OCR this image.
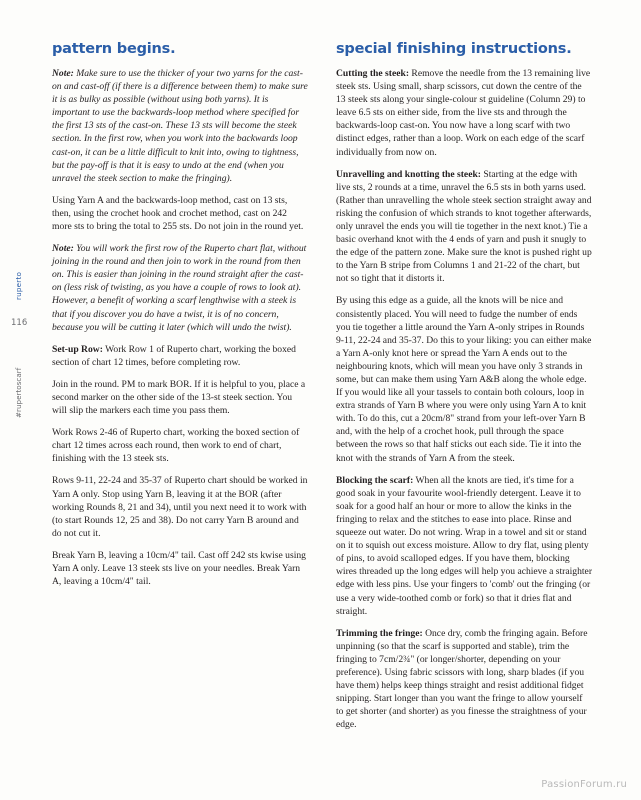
ruperto
116
#rupertoscarf
pattern begins.

Note: Make sure to use the thicker of your two yarns for the cast-on and cast-off (if there is a difference between them) to make sure it is as bulky as possible (without using both yarns). It is important to use the backwards-loop method where specified for the first 13 sts of the cast-on. These 13 sts will become the steek section. In the first row, when you work into the backwards loop cast-on, it can be a little difficult to knit into, owing to tightness, but the pay-off is that it is easy to undo at the end (when you unravel the steek section to make the fringing).

Using Yarn A and the backwards-loop method, cast on 13 sts, then, using the crochet hook and crochet method, cast on 242 more sts to bring the total to 255 sts. Do not join in the round yet.

Note: You will work the first row of the Ruperto chart flat, without joining in the round and then join to work in the round from then on. This is easier than joining in the round straight after the cast-on (less risk of twisting, as you have a couple of rows to look at). However, a benefit of working a scarf lengthwise with a steek is that if you discover you do have a twist, it is of no concern, because you will be cutting it later (which will undo the twist).

Set-up Row: Work Row 1 of Ruperto chart, working the boxed section of chart 12 times, before completing row.

Join in the round. PM to mark BOR. If it is helpful to you, place a second marker on the other side of the 13-st steek section. You will slip the markers each time you pass them.

Work Rows 2-46 of Ruperto chart, working the boxed section of chart 12 times across each round, then work to end of chart, finishing with the 13 steek sts.

Rows 9-11, 22-24 and 35-37 of Ruperto chart should be worked in Yarn A only. Stop using Yarn B, leaving it at the BOR (after working Rounds 8, 21 and 34), until you next need it to work with (to start Rounds 12, 25 and 38). Do not carry Yarn B around and do not cut it.

Break Yarn B, leaving a 10cm/4" tail. Cast off 242 sts kwise using Yarn A only. Leave 13 steek sts live on your needles. Break Yarn A, leaving a 10cm/4" tail.

special finishing instructions.

Cutting the steek: Remove the needle from the 13 remaining live steek sts. Using small, sharp scissors, cut down the centre of the 13 steek sts along your single-colour st guideline (Column 29) to leave 6.5 sts on either side, from the live sts and through the backwards-loop cast-on. You now have a long scarf with two distinct edges, rather than a loop. Work on each edge of the scarf individually from now on.

Unravelling and knotting the steek: Starting at the edge with live sts, 2 rounds at a time, unravel the 6.5 sts in both yarns used. (Rather than unravelling the whole steek section straight away and risking the confusion of which strands to knot together afterwards, only unravel the ends you will tie together in the next knot.) Tie a basic overhand knot with the 4 ends of yarn and push it snugly to the edge of the pattern zone. Make sure the knot is pushed right up to the Yarn B stripe from Columns 1 and 21-22 of the chart, but not so tight that it distorts it.

By using this edge as a guide, all the knots will be nice and consistently placed. You will need to fudge the number of ends you tie together a little around the Yarn A-only stripes in Rounds 9-11, 22-24 and 35-37. Do this to your liking: you can either make a Yarn A-only knot here or spread the Yarn A ends out to the neighbouring knots, which will mean you have only 3 strands in some, but can make them using Yarn A&B along the whole edge. If you would like all your tassels to contain both colours, loop in extra strands of Yarn B where you were only using Yarn A to knit with. To do this, cut a 20cm/8" strand from your left-over Yarn B and, with the help of a crochet hook, pull through the space between the rows so that half sticks out each side. Tie it into the knot with the strands of Yarn A from the steek.

Blocking the scarf: When all the knots are tied, it's time for a good soak in your favourite wool-friendly detergent. Leave it to soak for a good half an hour or more to allow the kinks in the fringing to relax and the stitches to ease into place. Rinse and squeeze out water. Do not wring. Wrap in a towel and sit or stand on it to squish out excess moisture. Allow to dry flat, using plenty of pins, to avoid scalloped edges. If you have them, blocking wires threaded up the long edges will help you achieve a straighter edge with less pins. Use your fingers to 'comb' out the fringing (or use a very wide-toothed comb or fork) so that it dries flat and straight.

Trimming the fringe: Once dry, comb the fringing again. Before unpinning (so that the scarf is supported and stable), trim the fringing to 7cm/2¾" (or longer/shorter, depending on your preference). Using fabric scissors with long, sharp blades (if you have them) helps keep things straight and resist additional fidget snipping. Start longer than you want the fringe to allow yourself to get shorter (and shorter) as you finesse the straightness of your edge.

PassionForum.ru
